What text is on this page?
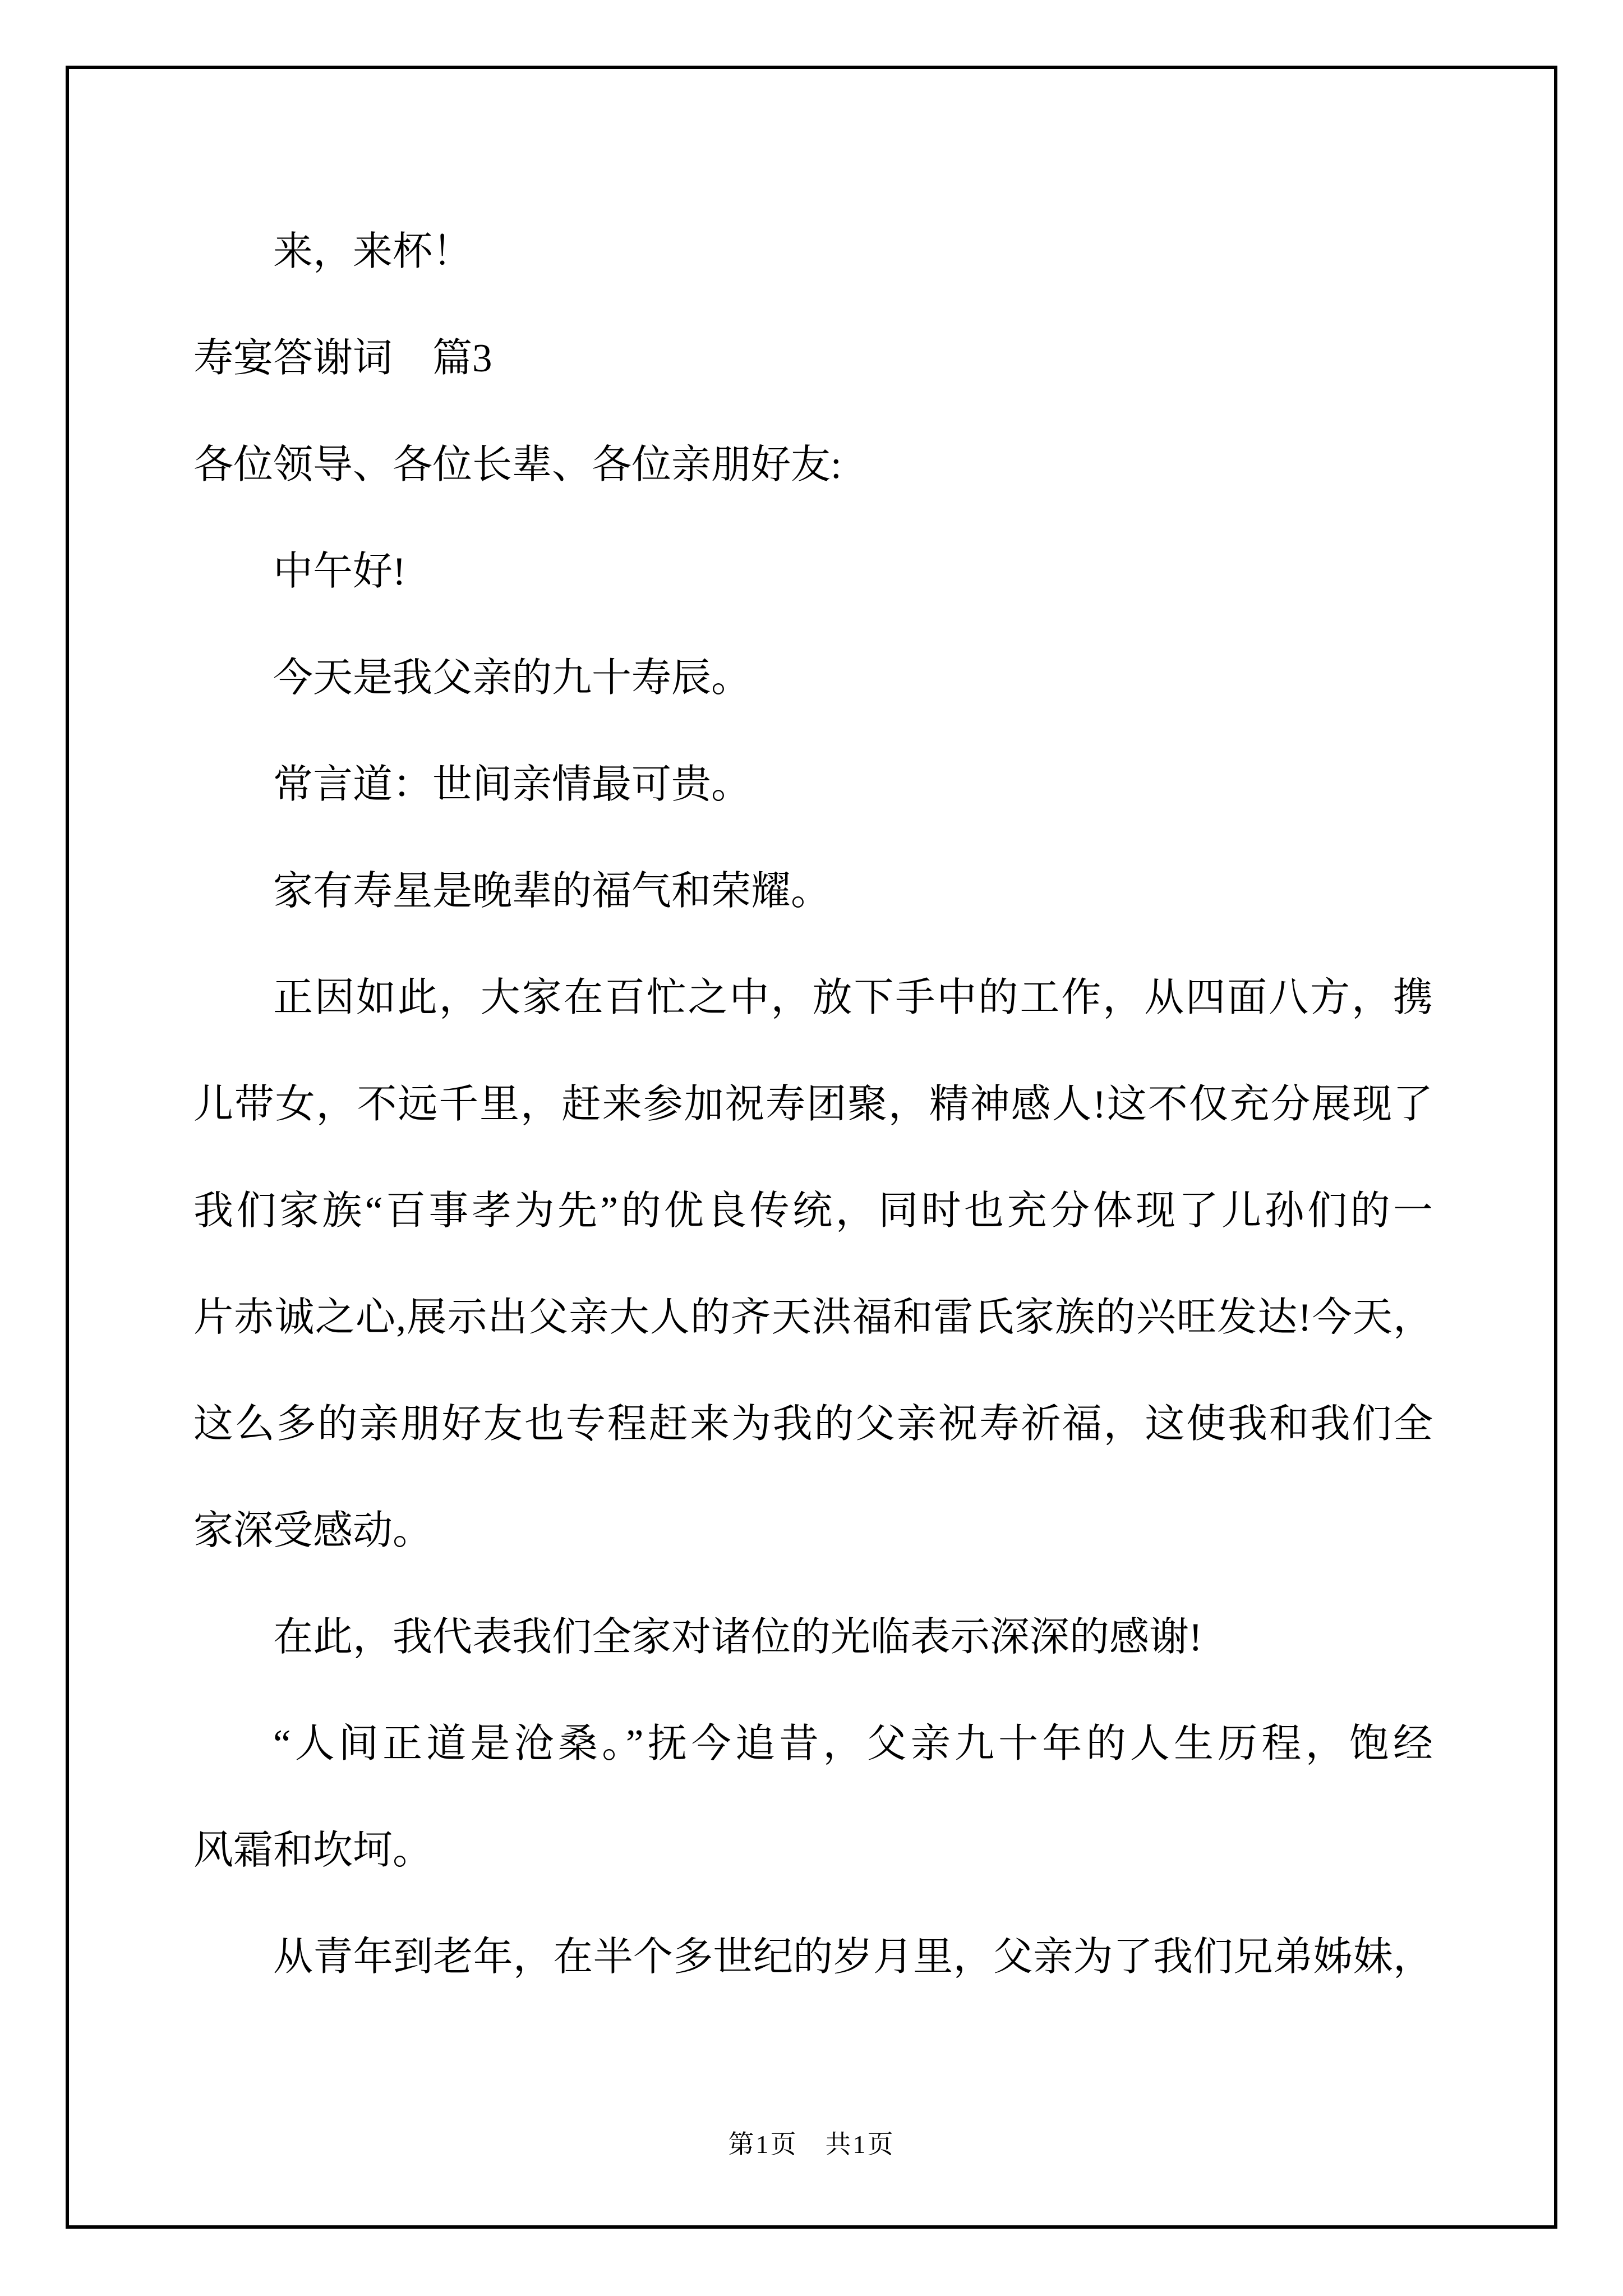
来，来杯！
寿宴答谢词　篇3
各位领导、各位长辈、各位亲朋好友:
中午好!
今天是我父亲的九十寿辰。
常言道：世间亲情最可贵。
家有寿星是晚辈的福气和荣耀。
正因如此，大家在百忙之中，放下手中的工作，从四面八方，携
儿带女，不远千里，赶来参加祝寿团聚，精神感人!这不仅充分展现了
我们家族“百事孝为先”的优良传统，同时也充分体现了儿孙们的一
片赤诚之心,展示出父亲大人的齐天洪福和雷氏家族的兴旺发达!今天，
这么多的亲朋好友也专程赶来为我的父亲祝寿祈福，这使我和我们全
家深受感动。
在此，我代表我们全家对诸位的光临表示深深的感谢!
“人间正道是沧桑。”抚今追昔，父亲九十年的人生历程，饱经
风霜和坎坷。
从青年到老年，在半个多世纪的岁月里，父亲为了我们兄弟姊妹，
第1页　共1页
